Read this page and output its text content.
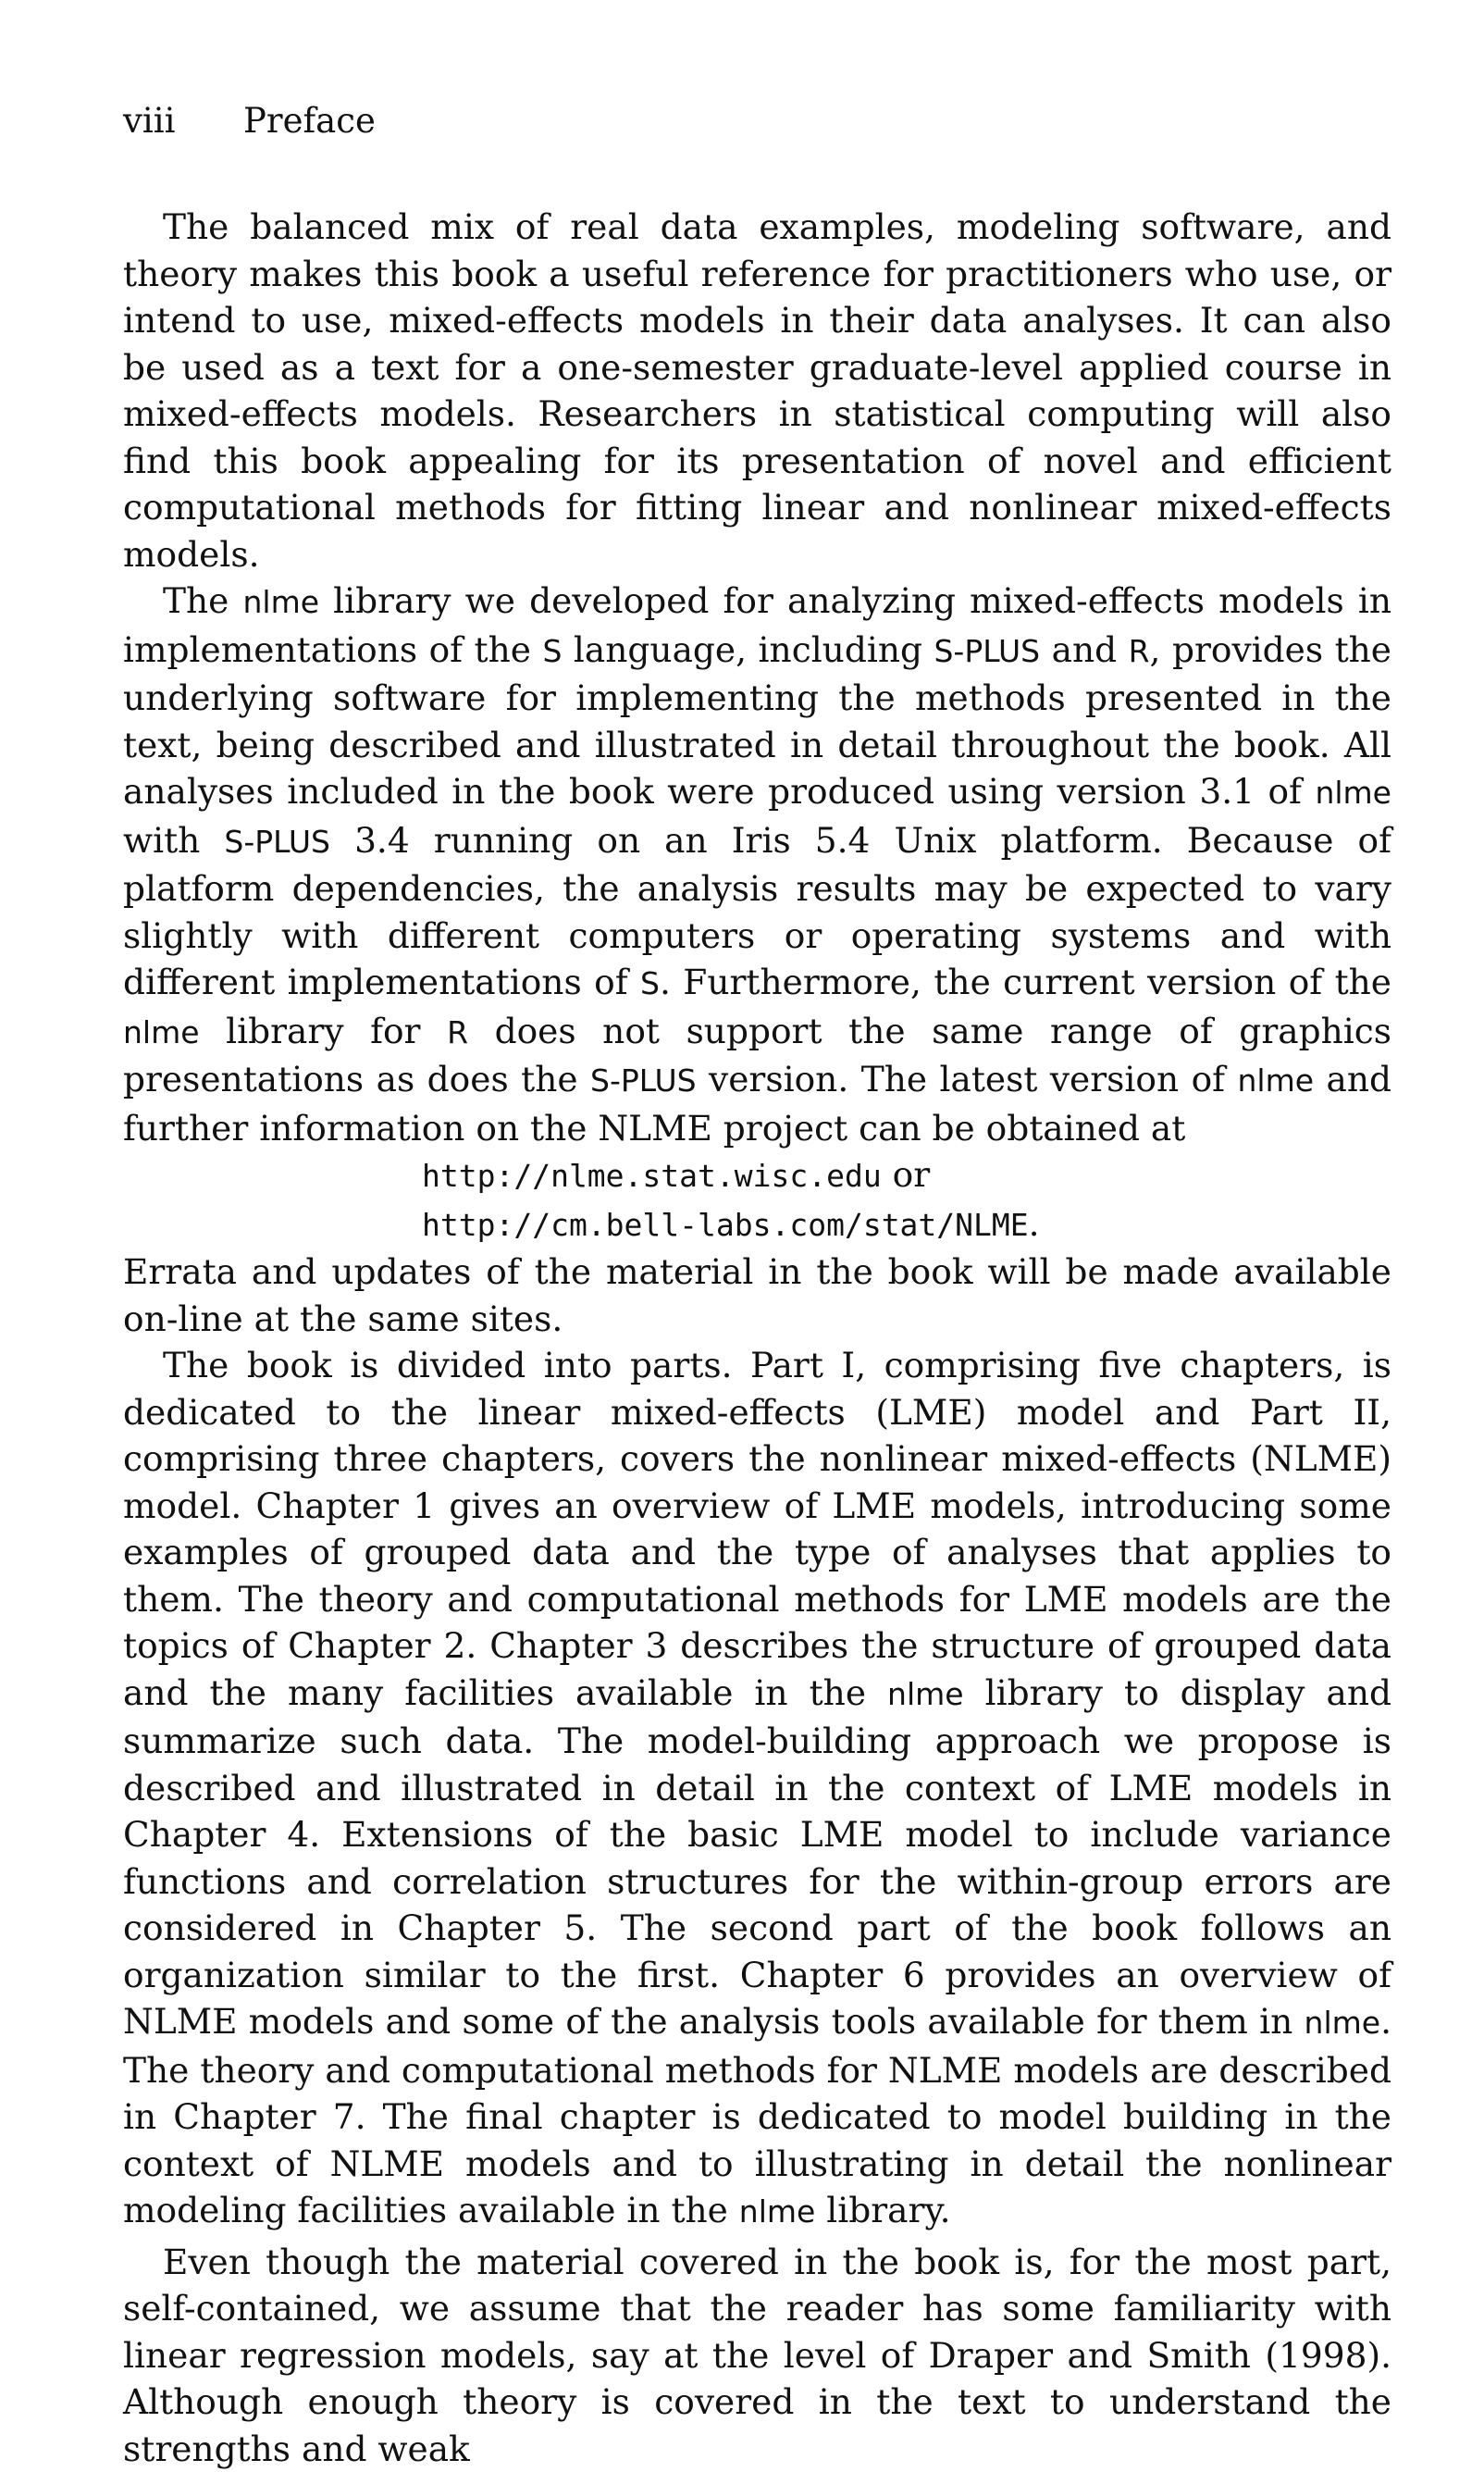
viii Preface

The balanced mix of real data examples, modeling software, and theory makes this book a useful reference for practitioners who use, or intend to use, mixed-effects models in their data analyses. It can also be used as a text for a one-semester graduate-level applied course in mixed-effects models. Researchers in statistical computing will also find this book appealing for its presentation of novel and efficient computational methods for fitting linear and nonlinear mixed-effects models.

The nlme library we developed for analyzing mixed-effects models in implementations of the S language, including S-PLUS and R, provides the underlying software for implementing the methods presented in the text, being described and illustrated in detail throughout the book. All analyses included in the book were produced using version 3.1 of nlme with S-PLUS 3.4 running on an Iris 5.4 Unix platform. Because of platform dependencies, the analysis results may be expected to vary slightly with different computers or operating systems and with different implementations of S. Furthermore, the current version of the nlme library for R does not support the same range of graphics presentations as does the S-PLUS version. The latest version of nlme and further information on the NLME project can be obtained at

http://nlme.stat.wisc.edu or
http://cm.bell-labs.com/stat/NLME.

Errata and updates of the material in the book will be made available on-line at the same sites.

The book is divided into parts. Part I, comprising five chapters, is dedicated to the linear mixed-effects (LME) model and Part II, comprising three chapters, covers the nonlinear mixed-effects (NLME) model. Chapter 1 gives an overview of LME models, introducing some examples of grouped data and the type of analyses that applies to them. The theory and computational methods for LME models are the topics of Chapter 2. Chapter 3 describes the structure of grouped data and the many facilities available in the nlme library to display and summarize such data. The model-building approach we propose is described and illustrated in detail in the context of LME models in Chapter 4. Extensions of the basic LME model to include variance functions and correlation structures for the within-group errors are considered in Chapter 5. The second part of the book follows an organization similar to the first. Chapter 6 provides an overview of NLME models and some of the analysis tools available for them in nlme. The theory and computational methods for NLME models are described in Chapter 7. The final chapter is dedicated to model building in the context of NLME models and to illustrating in detail the nonlinear modeling facilities available in the nlme library.

Even though the material covered in the book is, for the most part, self-contained, we assume that the reader has some familiarity with linear regression models, say at the level of Draper and Smith (1998). Although enough theory is covered in the text to understand the strengths and weak
